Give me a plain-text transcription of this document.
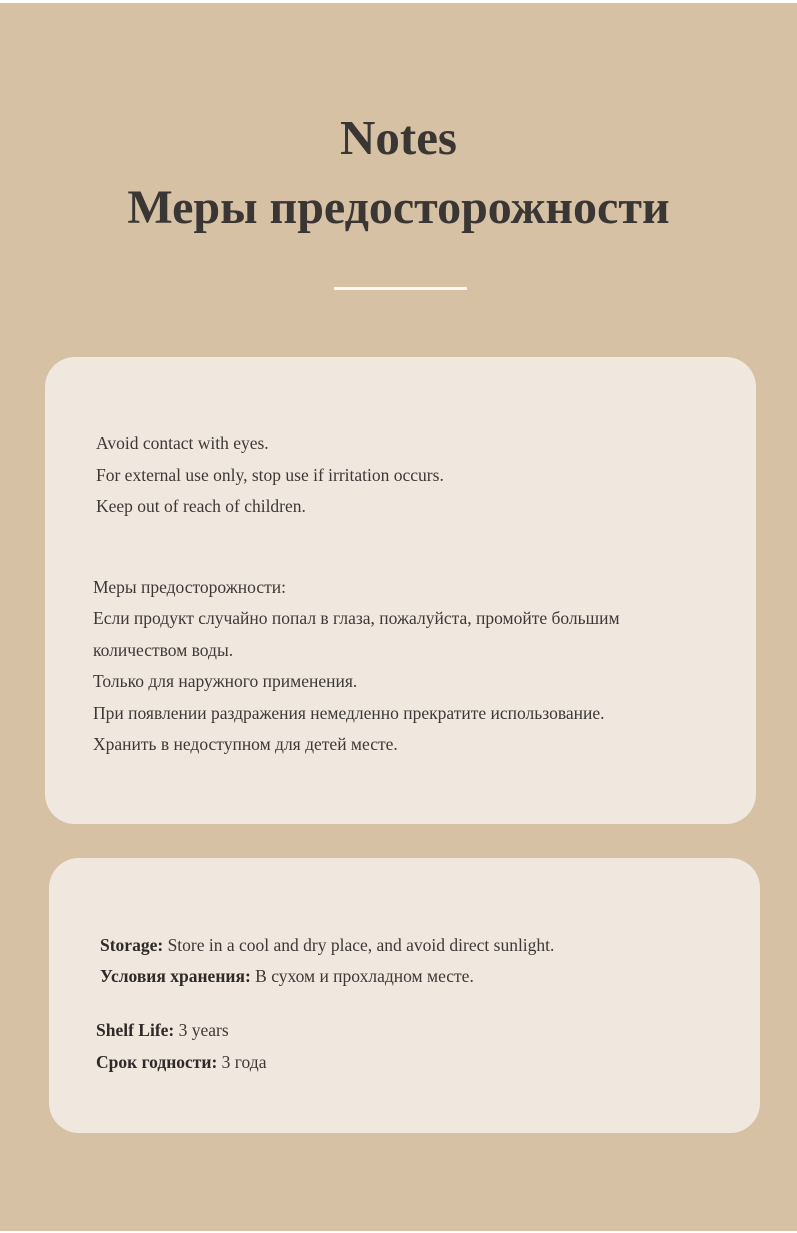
Notes
Меры предосторожности

Avoid contact with eyes.

For external use only, stop use if irritation occurs.

Keep out of reach of children.

Меры предосторожности:

Если продукт случайно попал в глаза, пожалуйста, промойте большим

количеством воды.

Только для наружного применения.

При появлении раздражения немедленно прекратите использование.

Хранить в недоступном для детей месте.

Storage: Store in a cool and dry place, and avoid direct sunlight.

Условия хранения: В сухом и прохладном месте.

Shelf Life: 3 years

Срок годности: 3 года
